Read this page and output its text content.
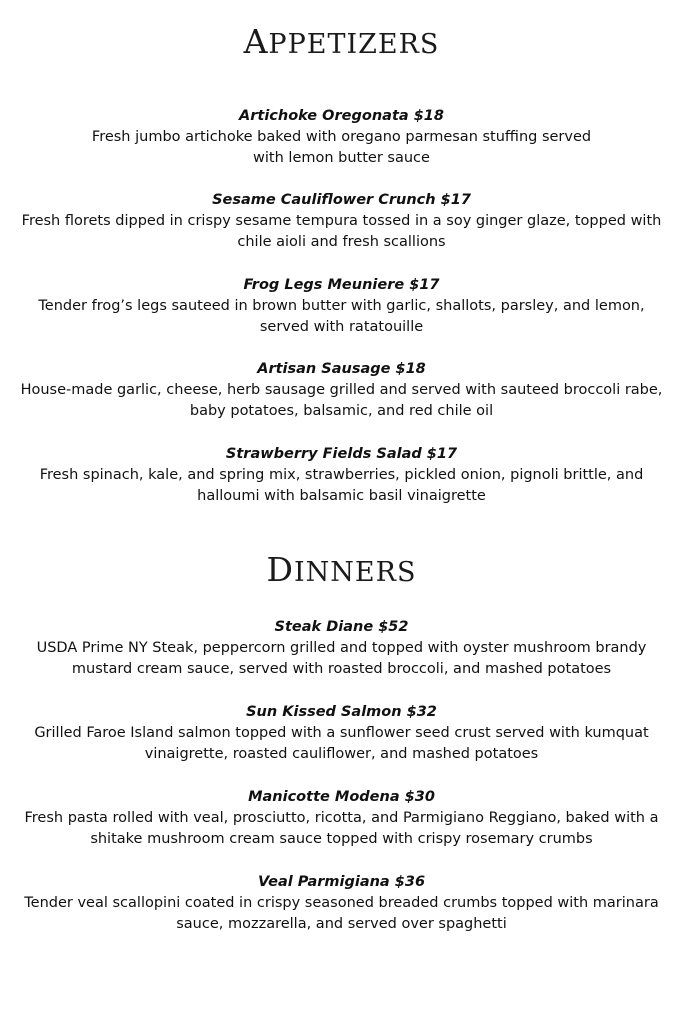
APPETIZERS
Artichoke Oregonata $18
Fresh jumbo artichoke baked with oregano parmesan stuffing served
with lemon butter sauce
Sesame Cauliflower Crunch $17
Fresh florets dipped in crispy sesame tempura tossed in a soy ginger glaze, topped with
chile aioli and fresh scallions
Frog Legs Meuniere $17
Tender frog’s legs sauteed in brown butter with garlic, shallots, parsley, and lemon,
served with ratatouille
Artisan Sausage $18
House-made garlic, cheese, herb sausage grilled and served with sauteed broccoli rabe,
baby potatoes, balsamic, and red chile oil
Strawberry Fields Salad $17
Fresh spinach, kale, and spring mix, strawberries, pickled onion, pignoli brittle, and
halloumi with balsamic basil vinaigrette
DINNERS
Steak Diane $52
USDA Prime NY Steak, peppercorn grilled and topped with oyster mushroom brandy
mustard cream sauce, served with roasted broccoli, and mashed potatoes
Sun Kissed Salmon $32
Grilled Faroe Island salmon topped with a sunflower seed crust served with kumquat
vinaigrette, roasted cauliflower, and mashed potatoes
Manicotte Modena $30
Fresh pasta rolled with veal, prosciutto, ricotta, and Parmigiano Reggiano, baked with a
shitake mushroom cream sauce topped with crispy rosemary crumbs
Veal Parmigiana $36
Tender veal scallopini coated in crispy seasoned breaded crumbs topped with marinara
sauce, mozzarella, and served over spaghetti
